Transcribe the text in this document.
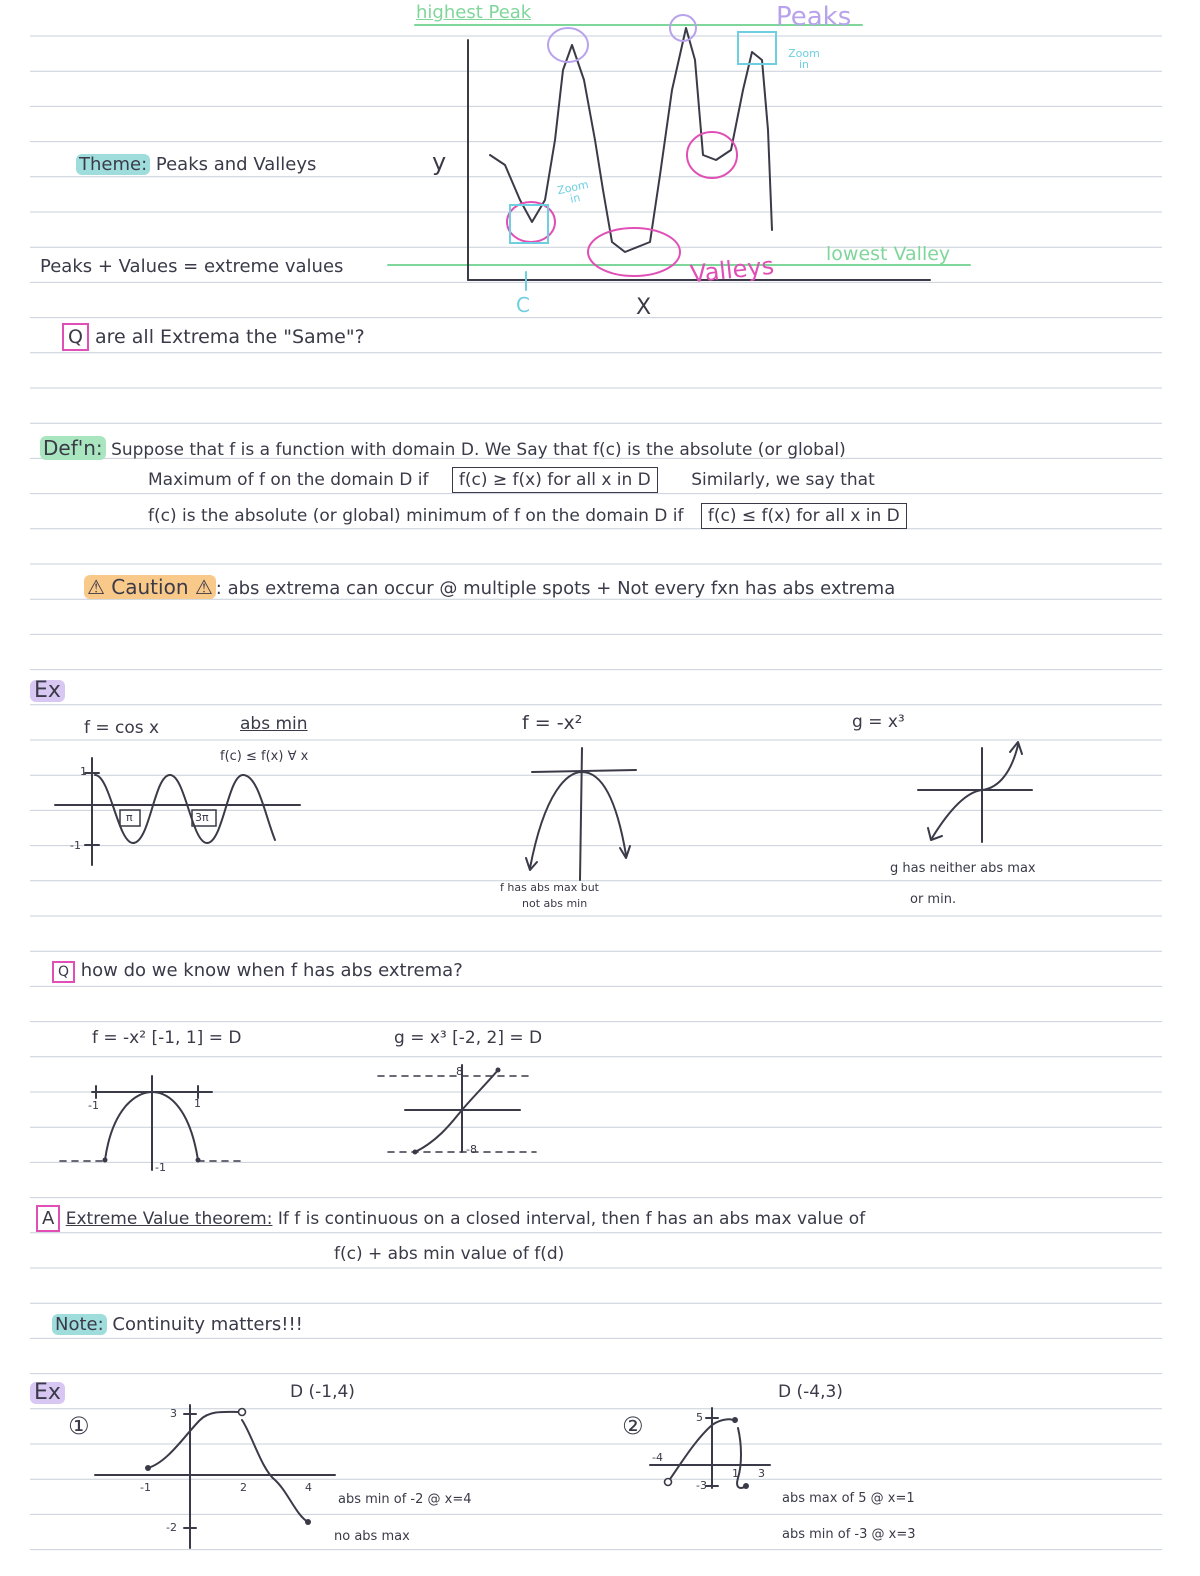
highest Peak	Peaks
Zoom in
Zoom in
y
X
C
Valleys	lowest Valley
Theme: Peaks and Valleys
Peaks + Values = extreme values
Q are all Extrema the "Same"?
Def'n: Suppose that f is a function with domain D. We Say that f(c) is the absolute (or global)
Maximum of f on the domain D if f(c) ≥ f(x) for all x in D Similarly, we say that
f(c) is the absolute (or global) minimum of f on the domain D if f(c) ≤ f(x) for all x in D
⚠ Caution ⚠ : abs extrema can occur @ multiple spots + Not every fxn has abs extrema
Ex
f = cos x	abs min
f(c) ≤ f(x) ∀ x
1
-1
π	3π
f = -x²
f has abs max but
not abs min
g = x³
g has neither abs max
or min.
Q how do we know when f has abs extrema?
f = -x² [-1, 1] = D	g = x³ [-2, 2] = D
-1	1
-1
8
-8
A Extreme Value theorem: If f is continuous on a closed interval, then f has an abs max value of
f(c) + abs min value of f(d)
Note: Continuity matters!!!
Ex
①
D (-1,4)
3
-1	2	4
-2
abs min of -2 @ x=4
no abs max
②
D (-4,3)
5
-4
-3
1 3
abs max of 5 @ x=1
abs min of -3 @ x=3
